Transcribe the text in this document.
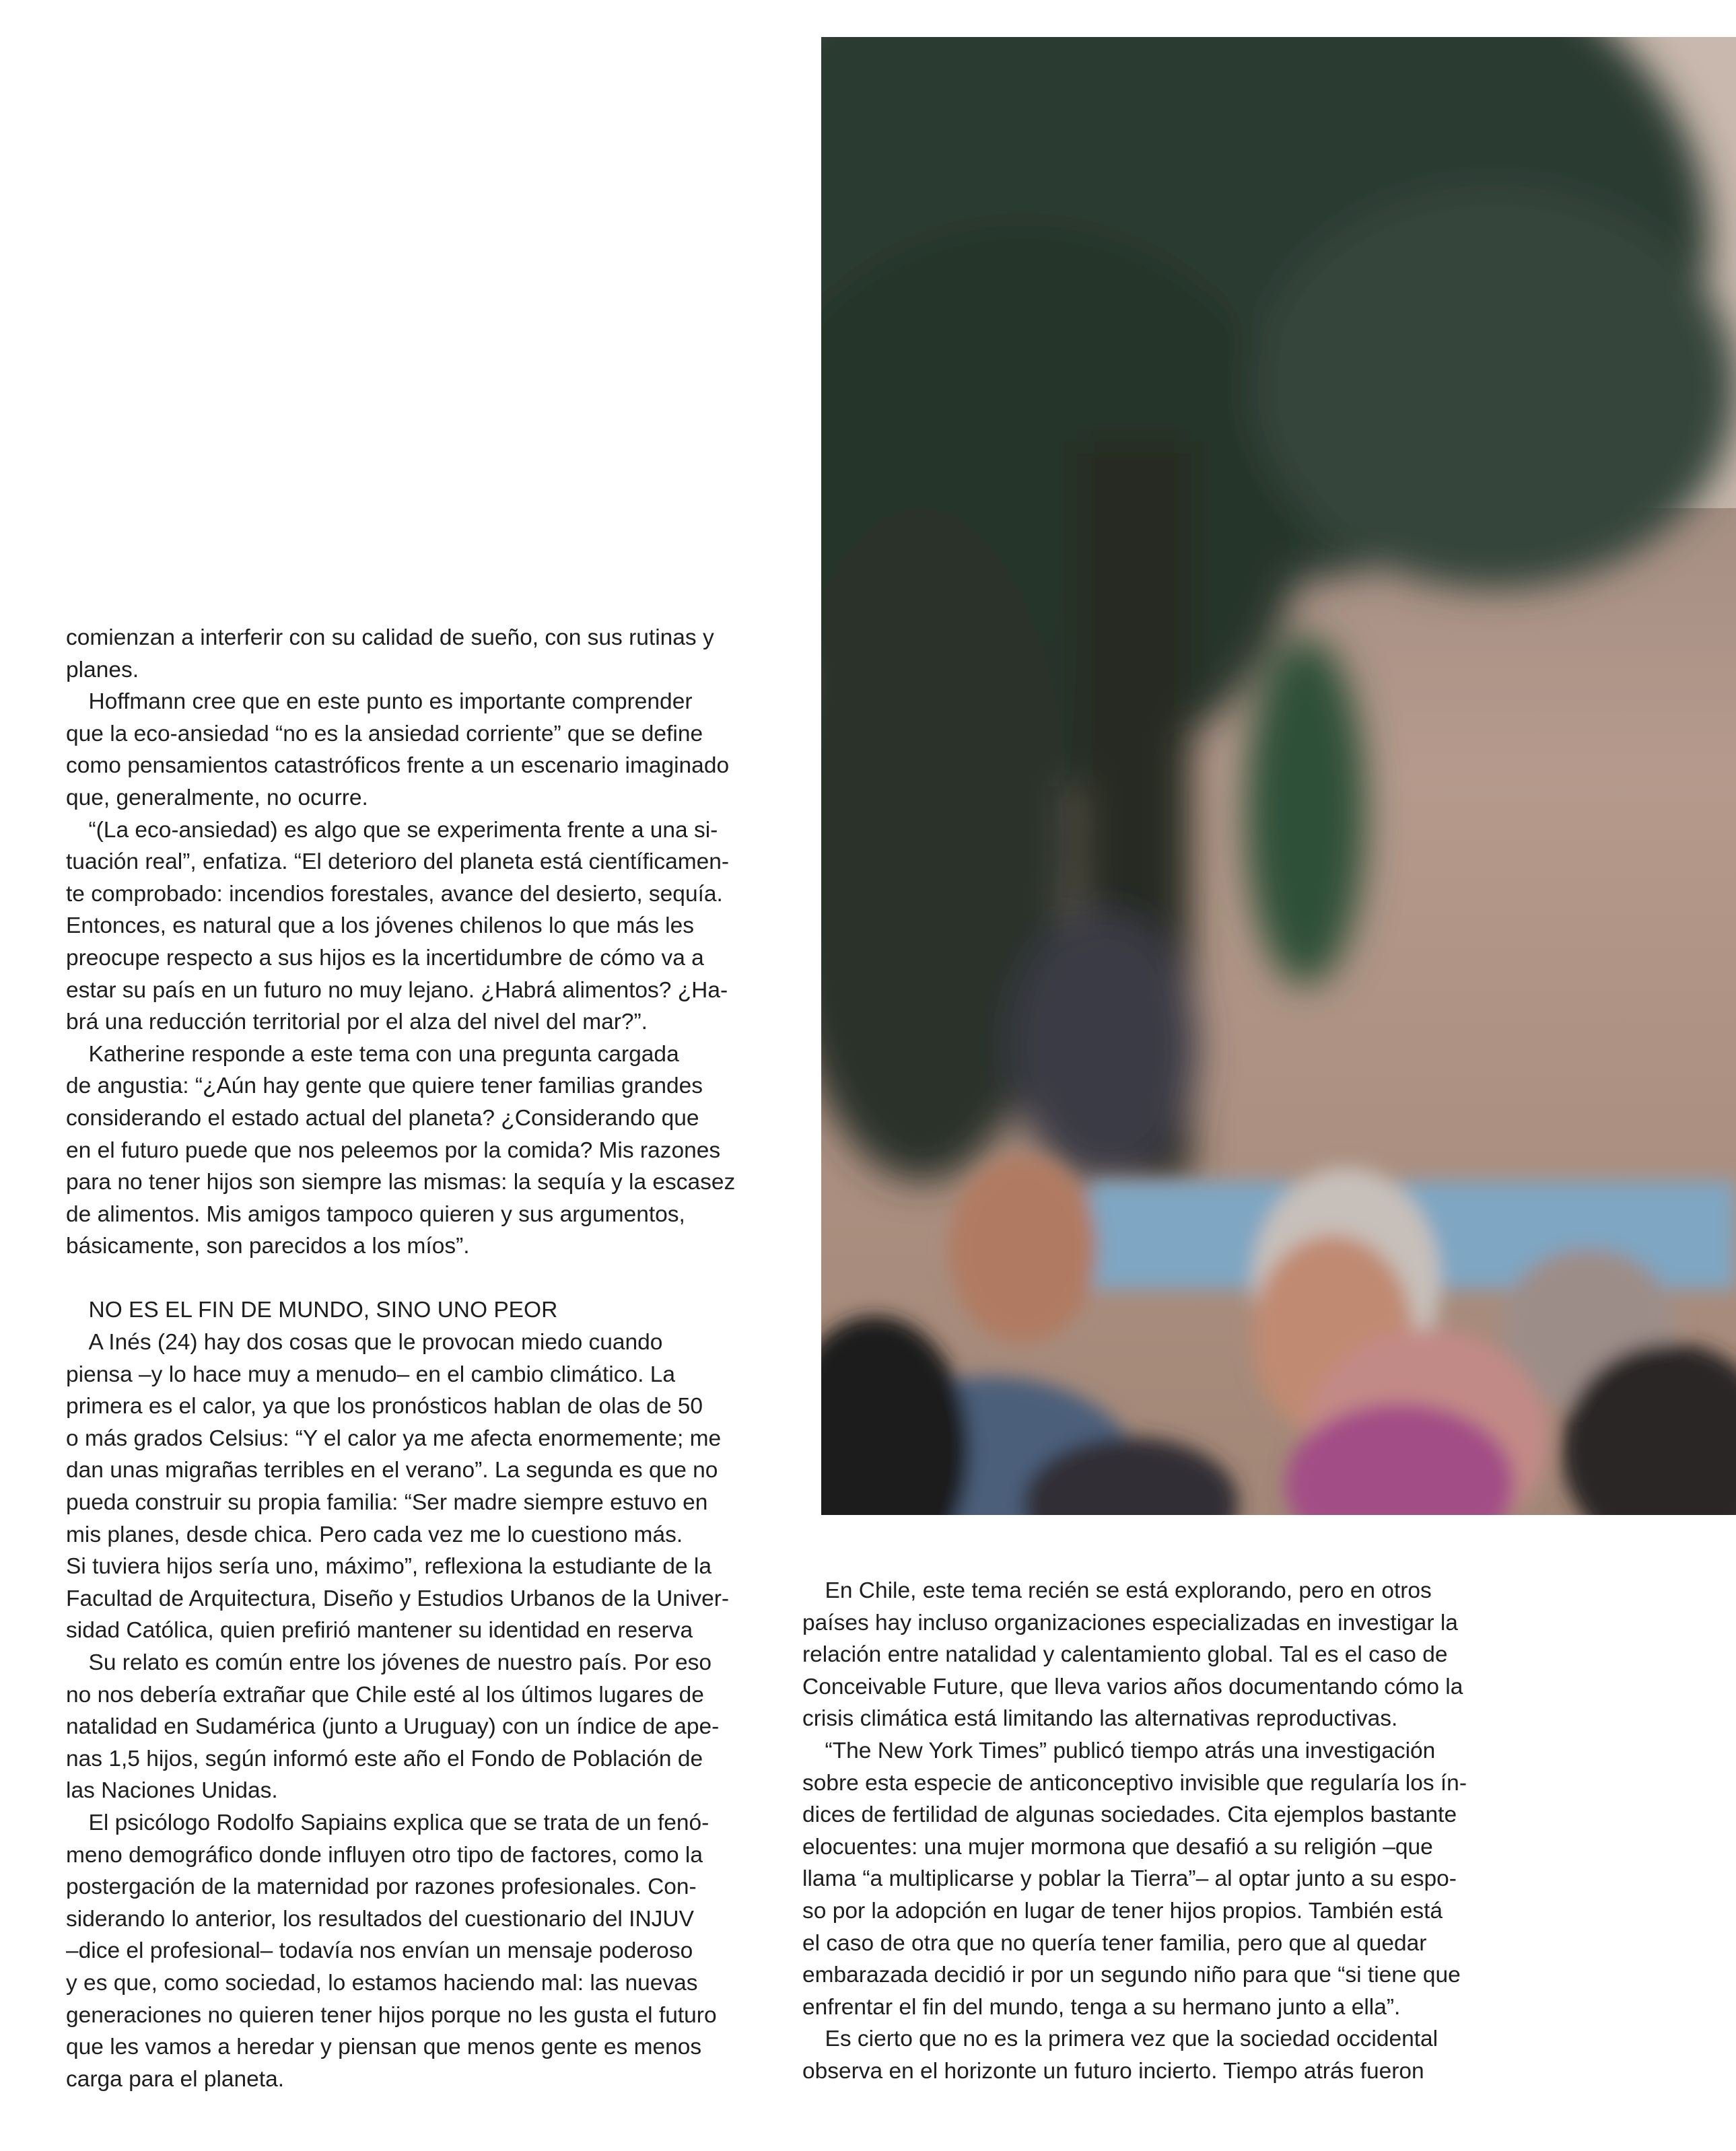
comienzan a interferir con su calidad de sueño, con sus rutinas y
planes.
 Hoffmann cree que en este punto es importante comprender
que la eco-ansiedad “no es la ansiedad corriente” que se define
como pensamientos catastróficos frente a un escenario imaginado
que, generalmente, no ocurre.
 “(La eco-ansiedad) es algo que se experimenta frente a una si-
tuación real”, enfatiza. “El deterioro del planeta está científicamen-
te comprobado: incendios forestales, avance del desierto, sequía.
Entonces, es natural que a los jóvenes chilenos lo que más les
preocupe respecto a sus hijos es la incertidumbre de cómo va a
estar su país en un futuro no muy lejano. ¿Habrá alimentos? ¿Ha-
brá una reducción territorial por el alza del nivel del mar?”.
 Katherine responde a este tema con una pregunta cargada
de angustia: “¿Aún hay gente que quiere tener familias grandes
considerando el estado actual del planeta? ¿Considerando que
en el futuro puede que nos peleemos por la comida? Mis razones
para no tener hijos son siempre las mismas: la sequía y la escasez
de alimentos. Mis amigos tampoco quieren y sus argumentos,
básicamente, son parecidos a los míos”.
 NO ES EL FIN DE MUNDO, SINO UNO PEOR
 A Inés (24) hay dos cosas que le provocan miedo cuando
piensa –y lo hace muy a menudo– en el cambio climático. La
primera es el calor, ya que los pronósticos hablan de olas de 50
o más grados Celsius: “Y el calor ya me afecta enormemente; me
dan unas migrañas terribles en el verano”. La segunda es que no
pueda construir su propia familia: “Ser madre siempre estuvo en
mis planes, desde chica. Pero cada vez me lo cuestiono más.
Si tuviera hijos sería uno, máximo”, reflexiona la estudiante de la
Facultad de Arquitectura, Diseño y Estudios Urbanos de la Univer-
sidad Católica, quien prefirió mantener su identidad en reserva
 Su relato es común entre los jóvenes de nuestro país. Por eso
no nos debería extrañar que Chile esté al los últimos lugares de
natalidad en Sudamérica (junto a Uruguay) con un índice de ape-
nas 1,5 hijos, según informó este año el Fondo de Población de
las Naciones Unidas.
 El psicólogo Rodolfo Sapiains explica que se trata de un fenó-
meno demográfico donde influyen otro tipo de factores, como la
postergación de la maternidad por razones profesionales. Con-
siderando lo anterior, los resultados del cuestionario del INJUV
–dice el profesional– todavía nos envían un mensaje poderoso
y es que, como sociedad, lo estamos haciendo mal: las nuevas
generaciones no quieren tener hijos porque no les gusta el futuro
que les vamos a heredar y piensan que menos gente es menos
carga para el planeta.
 En Chile, este tema recién se está explorando, pero en otros
países hay incluso organizaciones especializadas en investigar la
relación entre natalidad y calentamiento global. Tal es el caso de
Conceivable Future, que lleva varios años documentando cómo la
crisis climática está limitando las alternativas reproductivas.
 “The New York Times” publicó tiempo atrás una investigación
sobre esta especie de anticonceptivo invisible que regularía los ín-
dices de fertilidad de algunas sociedades. Cita ejemplos bastante
elocuentes: una mujer mormona que desafió a su religión –que
llama “a multiplicarse y poblar la Tierra”– al optar junto a su espo-
so por la adopción en lugar de tener hijos propios. También está
el caso de otra que no quería tener familia, pero que al quedar
embarazada decidió ir por un segundo niño para que “si tiene que
enfrentar el fin del mundo, tenga a su hermano junto a ella”.
 Es cierto que no es la primera vez que la sociedad occidental
observa en el horizonte un futuro incierto. Tiempo atrás fueron
